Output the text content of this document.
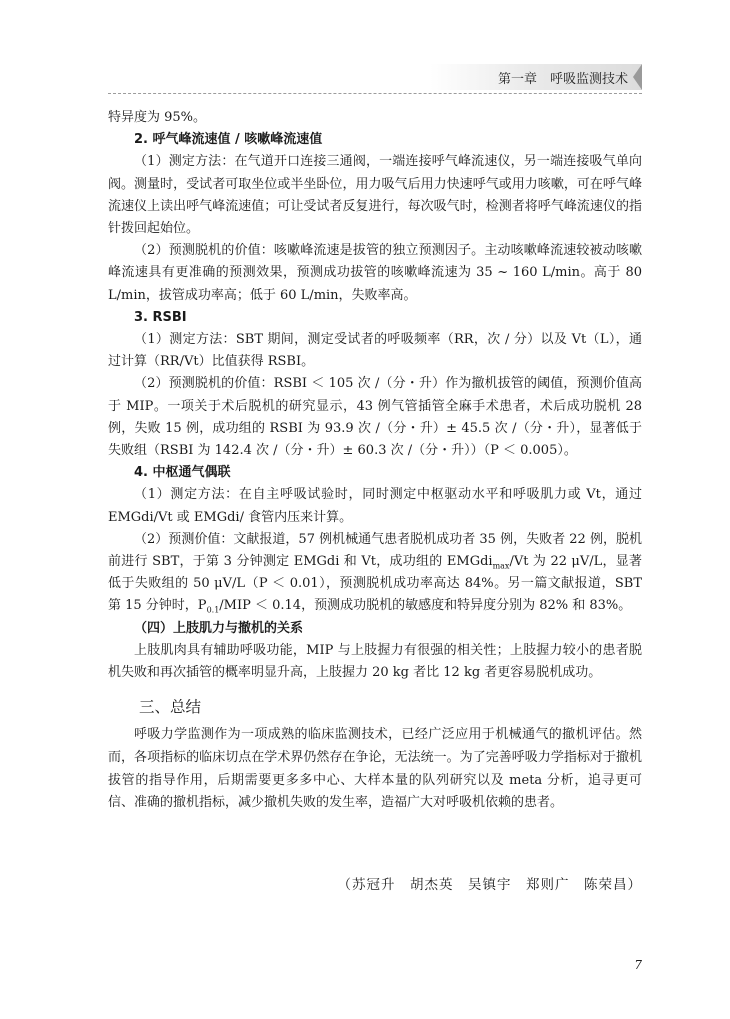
第一章　呼吸监测技术

特异度为 95%。

2. 呼气峰流速值 / 咳嗽峰流速值

（1）测定方法：在气道开口连接三通阀，一端连接呼气峰流速仪，另一端连接吸气单向阀。测量时，受试者可取坐位或半坐卧位，用力吸气后用力快速呼气或用力咳嗽，可在呼气峰流速仪上读出呼气峰流速值；可让受试者反复进行，每次吸气时，检测者将呼气峰流速仪的指针拨回起始位。

（2）预测脱机的价值：咳嗽峰流速是拔管的独立预测因子。主动咳嗽峰流速较被动咳嗽峰流速具有更准确的预测效果，预测成功拔管的咳嗽峰流速为 35 ~ 160 L/min。高于 80 L/min，拔管成功率高；低于 60 L/min，失败率高。

3. RSBI

（1）测定方法：SBT 期间，测定受试者的呼吸频率（RR，次 / 分）以及 Vt（L），通过计算（RR/Vt）比值获得 RSBI。

（2）预测脱机的价值：RSBI ＜ 105 次 /（分・升）作为撤机拔管的阈值，预测价值高于 MIP。一项关于术后脱机的研究显示，43 例气管插管全麻手术患者，术后成功脱机 28 例，失败 15 例，成功组的 RSBI 为 93.9 次 /（分・升）± 45.5 次 /（分・升），显著低于失败组（RSBI 为 142.4 次 /（分・升）± 60.3 次 /（分・升））（P ＜ 0.005）。

4. 中枢通气偶联

（1）测定方法：在自主呼吸试验时，同时测定中枢驱动水平和呼吸肌力或 Vt，通过 EMGdi/Vt 或 EMGdi/ 食管内压来计算。

（2）预测价值：文献报道，57 例机械通气患者脱机成功者 35 例，失败者 22 例，脱机前进行 SBT，于第 3 分钟测定 EMGdi 和 Vt，成功组的 EMGdi$_{max}$/Vt 为 22 μV/L，显著低于失败组的 50 μV/L（P ＜ 0.01），预测脱机成功率高达 84%。另一篇文献报道，SBT 第 15 分钟时，$P_{0.1}$/MIP ＜ 0.14，预测成功脱机的敏感度和特异度分别为 82% 和 83%。

（四）上肢肌力与撤机的关系

上肢肌肉具有辅助呼吸功能，MIP 与上肢握力有很强的相关性；上肢握力较小的患者脱机失败和再次插管的概率明显升高，上肢握力 20 kg 者比 12 kg 者更容易脱机成功。

三、总结

呼吸力学监测作为一项成熟的临床监测技术，已经广泛应用于机械通气的撤机评估。然而，各项指标的临床切点在学术界仍然存在争论，无法统一。为了完善呼吸力学指标对于撤机拔管的指导作用，后期需要更多多中心、大样本量的队列研究以及 meta 分析，追寻更可信、准确的撤机指标，减少撤机失败的发生率，造福广大对呼吸机依赖的患者。

（苏冠升　胡杰英　吴镇宇　郑则广　陈荣昌）
7
